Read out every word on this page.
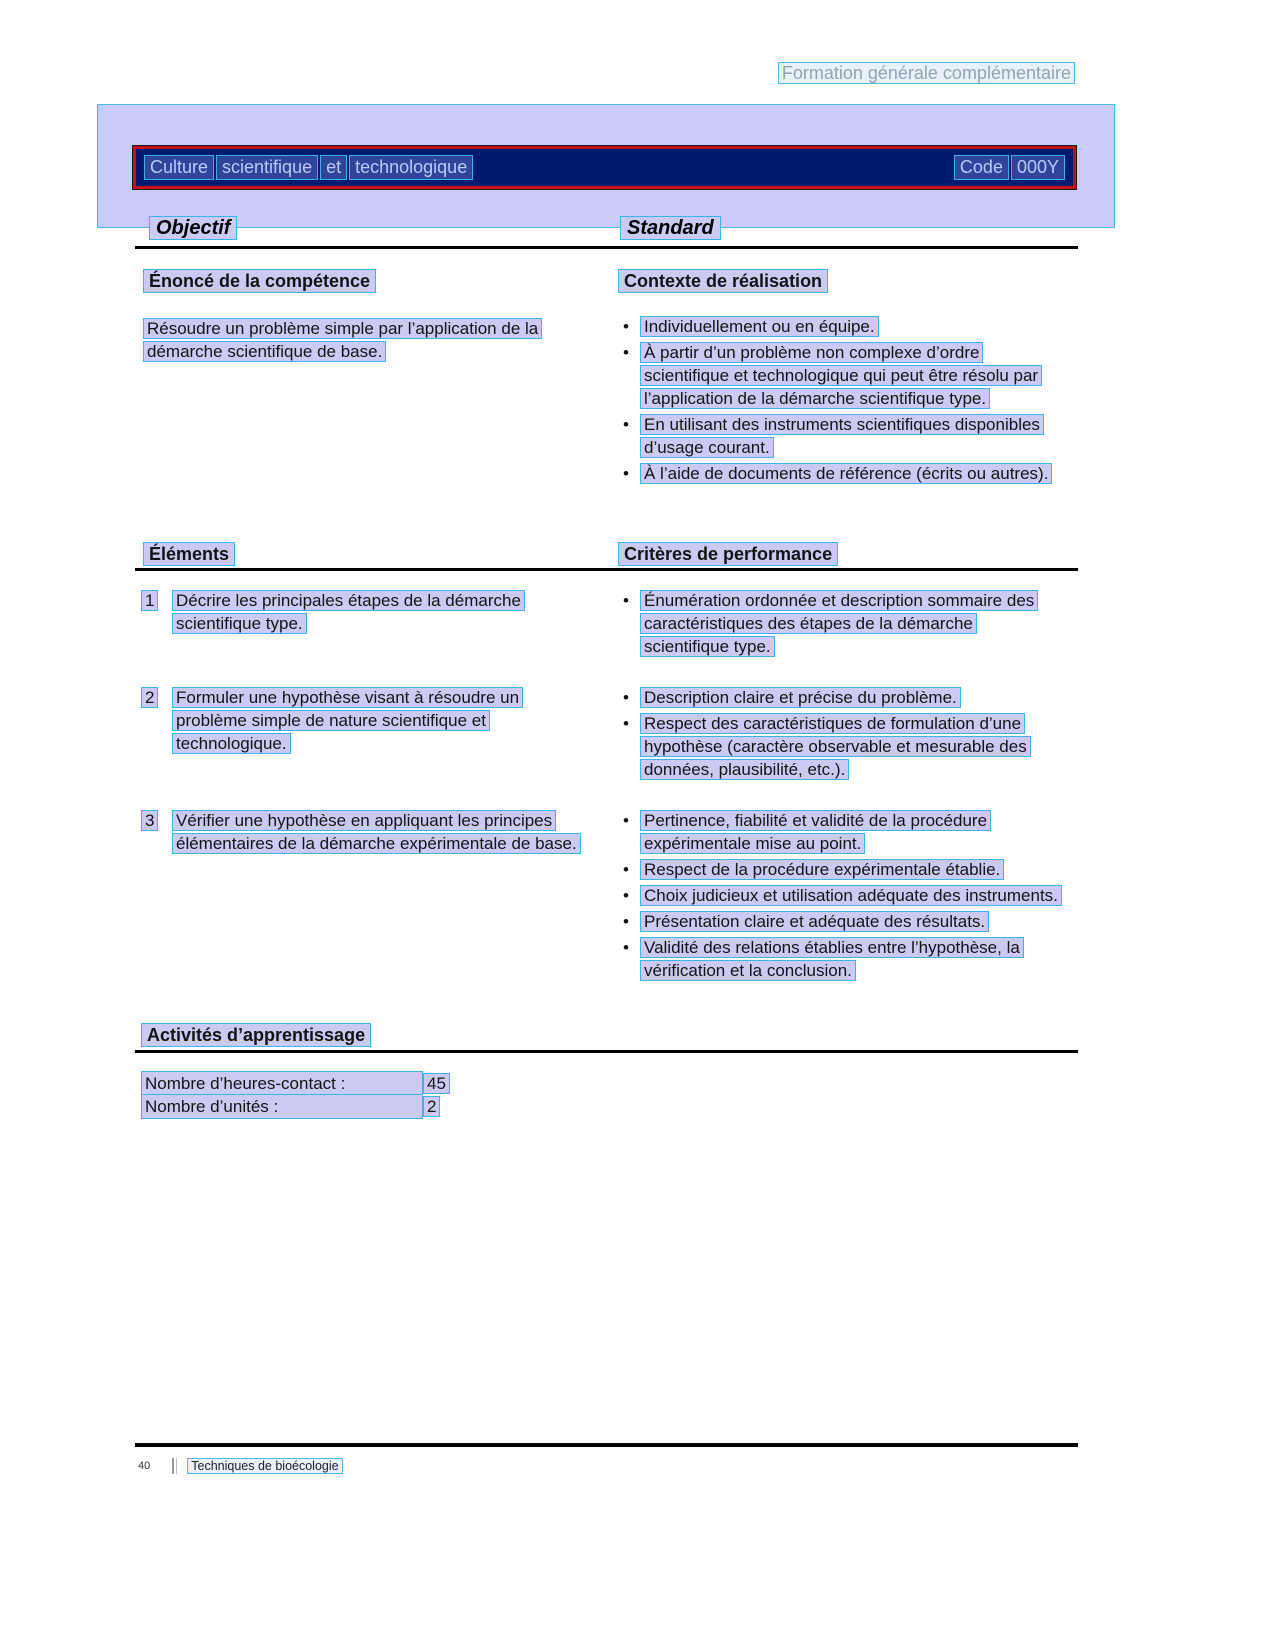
Formation générale complémentaire
Culture scientifique et technologique	Code 000Y
Objectif	Standard
Énoncé de la compétence
Résoudre un problème simple par l’application de la démarche scientifique de base.
Contexte de réalisation
•
Individuellement ou en équipe.
•
À partir d’un problème non complexe d’ordre scientifique et technologique qui peut être résolu par l’application de la démarche scientifique type.
•
En utilisant des instruments scientifiques disponibles d’usage courant.
•
À l’aide de documents de référence (écrits ou autres).
Éléments	Critères de performance
1	Décrire les principales étapes de la démarche scientifique type.
•
Énumération ordonnée et description sommaire des caractéristiques des étapes de la démarche scientifique type.
2	Formuler une hypothèse visant à résoudre un problème simple de nature scientifique et technologique.
•
Description claire et précise du problème.
•
Respect des caractéristiques de formulation d’une hypothèse (caractère observable et mesurable des données, plausibilité, etc.).
3	Vérifier une hypothèse en appliquant les principes élémentaires de la démarche expérimentale de base.
•
Pertinence, fiabilité et validité de la procédure expérimentale mise au point.
•
Respect de la procédure expérimentale établie.
•
Choix judicieux et utilisation adéquate des instruments.
•
Présentation claire et adéquate des résultats.
•
Validité des relations établies entre l’hypothèse, la vérification et la conclusion.
Activités d’apprentissage
Nombre d’heures-contact :	45
Nombre d’unités :	2
40	Techniques de bioécologie
